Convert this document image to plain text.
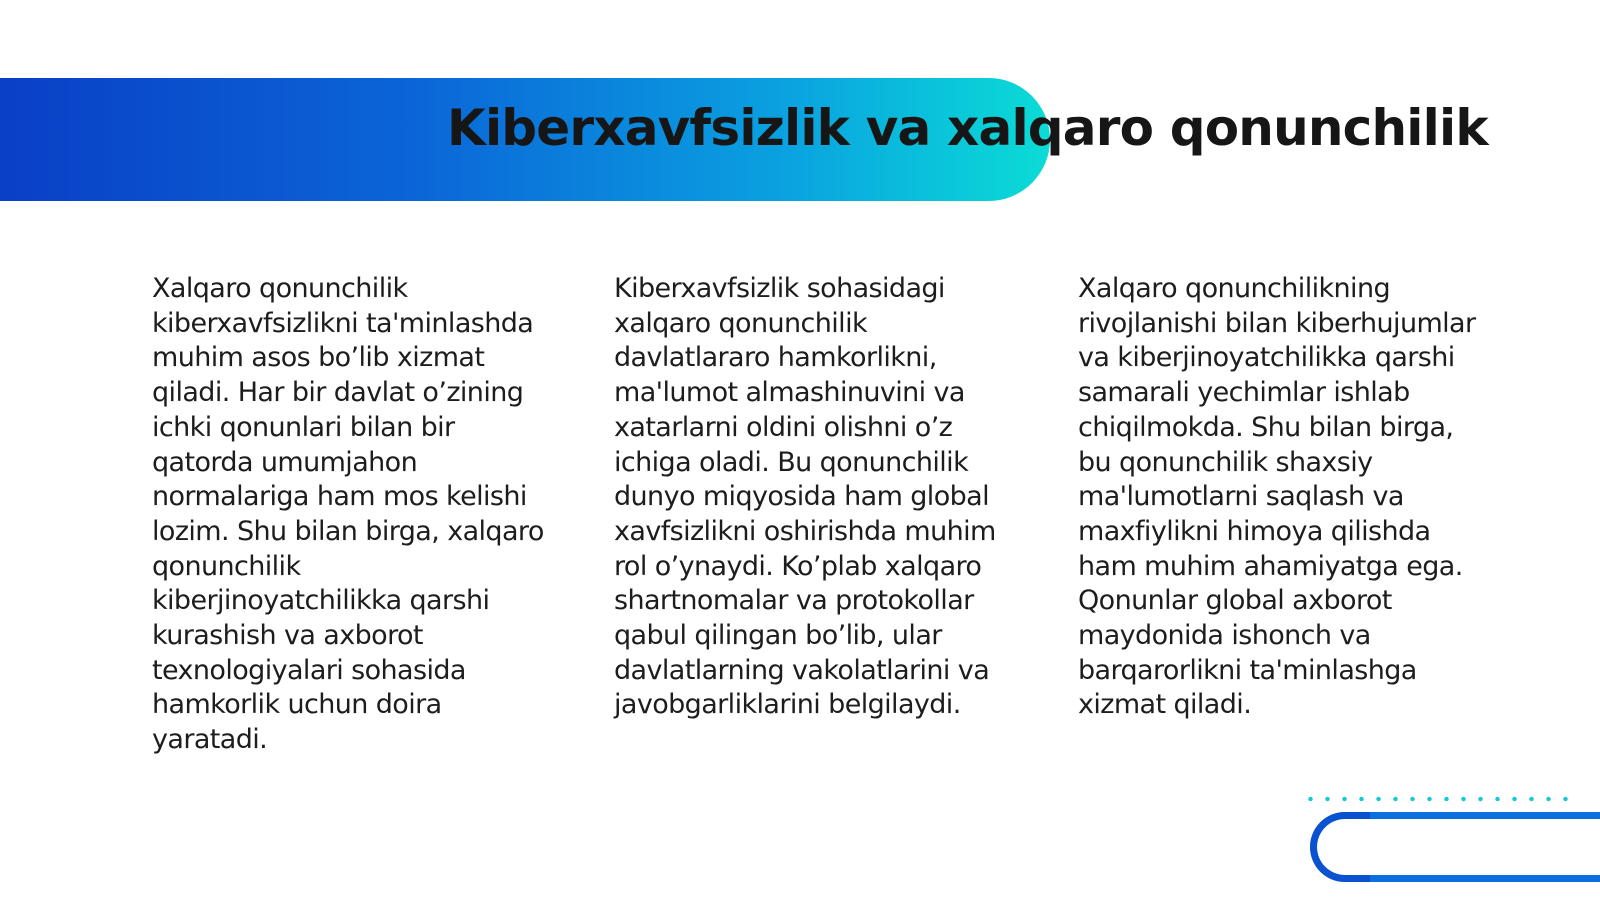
Kiberxavfsizlik va xalqaro qonunchilik

Xalqaro qonunchilik kiberxavfsizlikni ta'minlashda muhim asos bo’lib xizmat qiladi. Har bir davlat o’zining ichki qonunlari bilan bir qatorda umumjahon normalariga ham mos kelishi lozim. Shu bilan birga, xalqaro qonunchilik kiberjinoyatchilikka qarshi kurashish va axborot texnologiyalari sohasida hamkorlik uchun doira yaratadi.

Kiberxavfsizlik sohasidagi xalqaro qonunchilik davlatlararo hamkorlikni, ma'lumot almashinuvini va xatarlarni oldini olishni o’z ichiga oladi. Bu qonunchilik dunyo miqyosida ham global xavfsizlikni oshirishda muhim rol o’ynaydi. Ko’plab xalqaro shartnomalar va protokollar qabul qilingan bo’lib, ular davlatlarning vakolatlarini va javobgarliklarini belgilaydi.

Xalqaro qonunchilikning rivojlanishi bilan kiberhujumlar va kiberjinoyatchilikka qarshi samarali yechimlar ishlab chiqilmokda. Shu bilan birga, bu qonunchilik shaxsiy ma'lumotlarni saqlash va maxfiylikni himoya qilishda ham muhim ahamiyatga ega. Qonunlar global axborot maydonida ishonch va barqarorlikni ta'minlashga xizmat qiladi.
